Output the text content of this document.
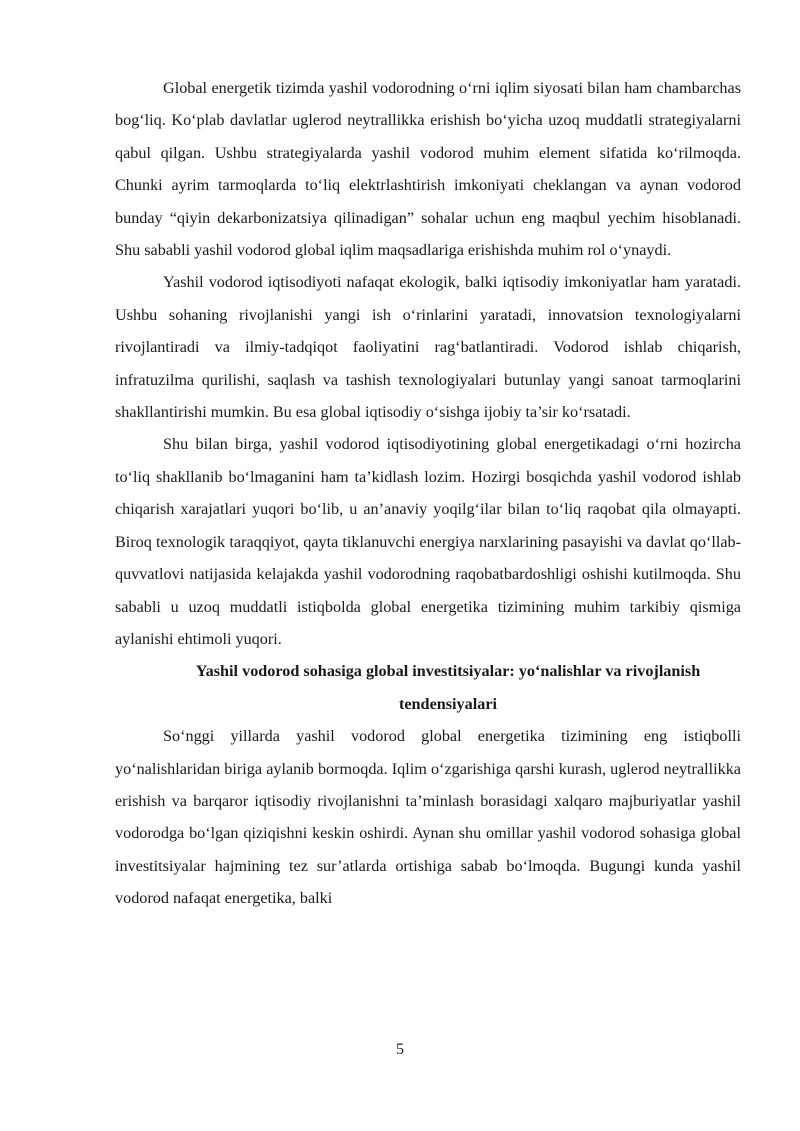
Global energetik tizimda yashil vodorodning o‘rni iqlim siyosati bilan ham chambarchas bog‘liq. Ko‘plab davlatlar uglerod neytrallikka erishish bo‘yicha uzoq muddatli strategiyalarni qabul qilgan. Ushbu strategiyalarda yashil vodorod muhim element sifatida ko‘rilmoqda. Chunki ayrim tarmoqlarda to‘liq elektrlashtirish imkoniyati cheklangan va aynan vodorod bunday “qiyin dekarbonizatsiya qilinadigan” sohalar uchun eng maqbul yechim hisoblanadi. Shu sababli yashil vodorod global iqlim maqsadlariga erishishda muhim rol o‘ynaydi.

Yashil vodorod iqtisodiyoti nafaqat ekologik, balki iqtisodiy imkoniyatlar ham yaratadi. Ushbu sohaning rivojlanishi yangi ish o‘rinlarini yaratadi, innovatsion texnologiyalarni rivojlantiradi va ilmiy-tadqiqot faoliyatini rag‘batlantiradi. Vodorod ishlab chiqarish, infratuzilma qurilishi, saqlash va tashish texnologiyalari butunlay yangi sanoat tarmoqlarini shakllantirishi mumkin. Bu esa global iqtisodiy o‘sishga ijobiy ta’sir ko‘rsatadi.

Shu bilan birga, yashil vodorod iqtisodiyotining global energetikadagi o‘rni hozircha to‘liq shakllanib bo‘lmaganini ham ta’kidlash lozim. Hozirgi bosqichda yashil vodorod ishlab chiqarish xarajatlari yuqori bo‘lib, u an’anaviy yoqilg‘ilar bilan to‘liq raqobat qila olmayapti. Biroq texnologik taraqqiyot, qayta tiklanuvchi energiya narxlarining pasayishi va davlat qo‘llab-quvvatlovi natijasida kelajakda yashil vodorodning raqobatbardoshligi oshishi kutilmoqda. Shu sababli u uzoq muddatli istiqbolda global energetika tizimining muhim tarkibiy qismiga aylanishi ehtimoli yuqori.

Yashil vodorod sohasiga global investitsiyalar: yo‘nalishlar va rivojlanish tendensiyalari

So‘nggi yillarda yashil vodorod global energetika tizimining eng istiqbolli yo‘nalishlaridan biriga aylanib bormoqda. Iqlim o‘zgarishiga qarshi kurash, uglerod neytrallikka erishish va barqaror iqtisodiy rivojlanishni ta’minlash borasidagi xalqaro majburiyatlar yashil vodorodga bo‘lgan qiziqishni keskin oshirdi. Aynan shu omillar yashil vodorod sohasiga global investitsiyalar hajmining tez sur’atlarda ortishiga sabab bo‘lmoqda. Bugungi kunda yashil vodorod nafaqat energetika, balki

5
